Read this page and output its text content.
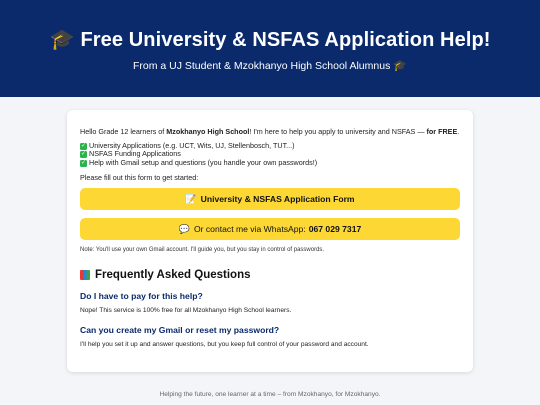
🎓 Free University & NSFAS Application Help!
From a UJ Student & Mzokhanyo High School Alumnus 🎓

Hello Grade 12 learners of Mzokhanyo High School! I'm here to help you apply to university and NSFAS — for FREE.

✓ University Applications (e.g. UCT, Wits, UJ, Stellenbosch, TUT...)
✓ NSFAS Funding Applications
✓ Help with Gmail setup and questions (you handle your own passwords!)

Please fill out this form to get started:

📝 University & NSFAS Application Form
💬 Or contact me via WhatsApp: 067 029 7317

Note: You'll use your own Gmail account. I'll guide you, but you stay in control of passwords.

Frequently Asked Questions
Do I have to pay for this help?

Nope! This service is 100% free for all Mzokhanyo High School learners.

Can you create my Gmail or reset my password?

I'll help you set it up and answer questions, but you keep full control of your password and account.

Helping the future, one learner at a time – from Mzokhanyo, for Mzokhanyo.
